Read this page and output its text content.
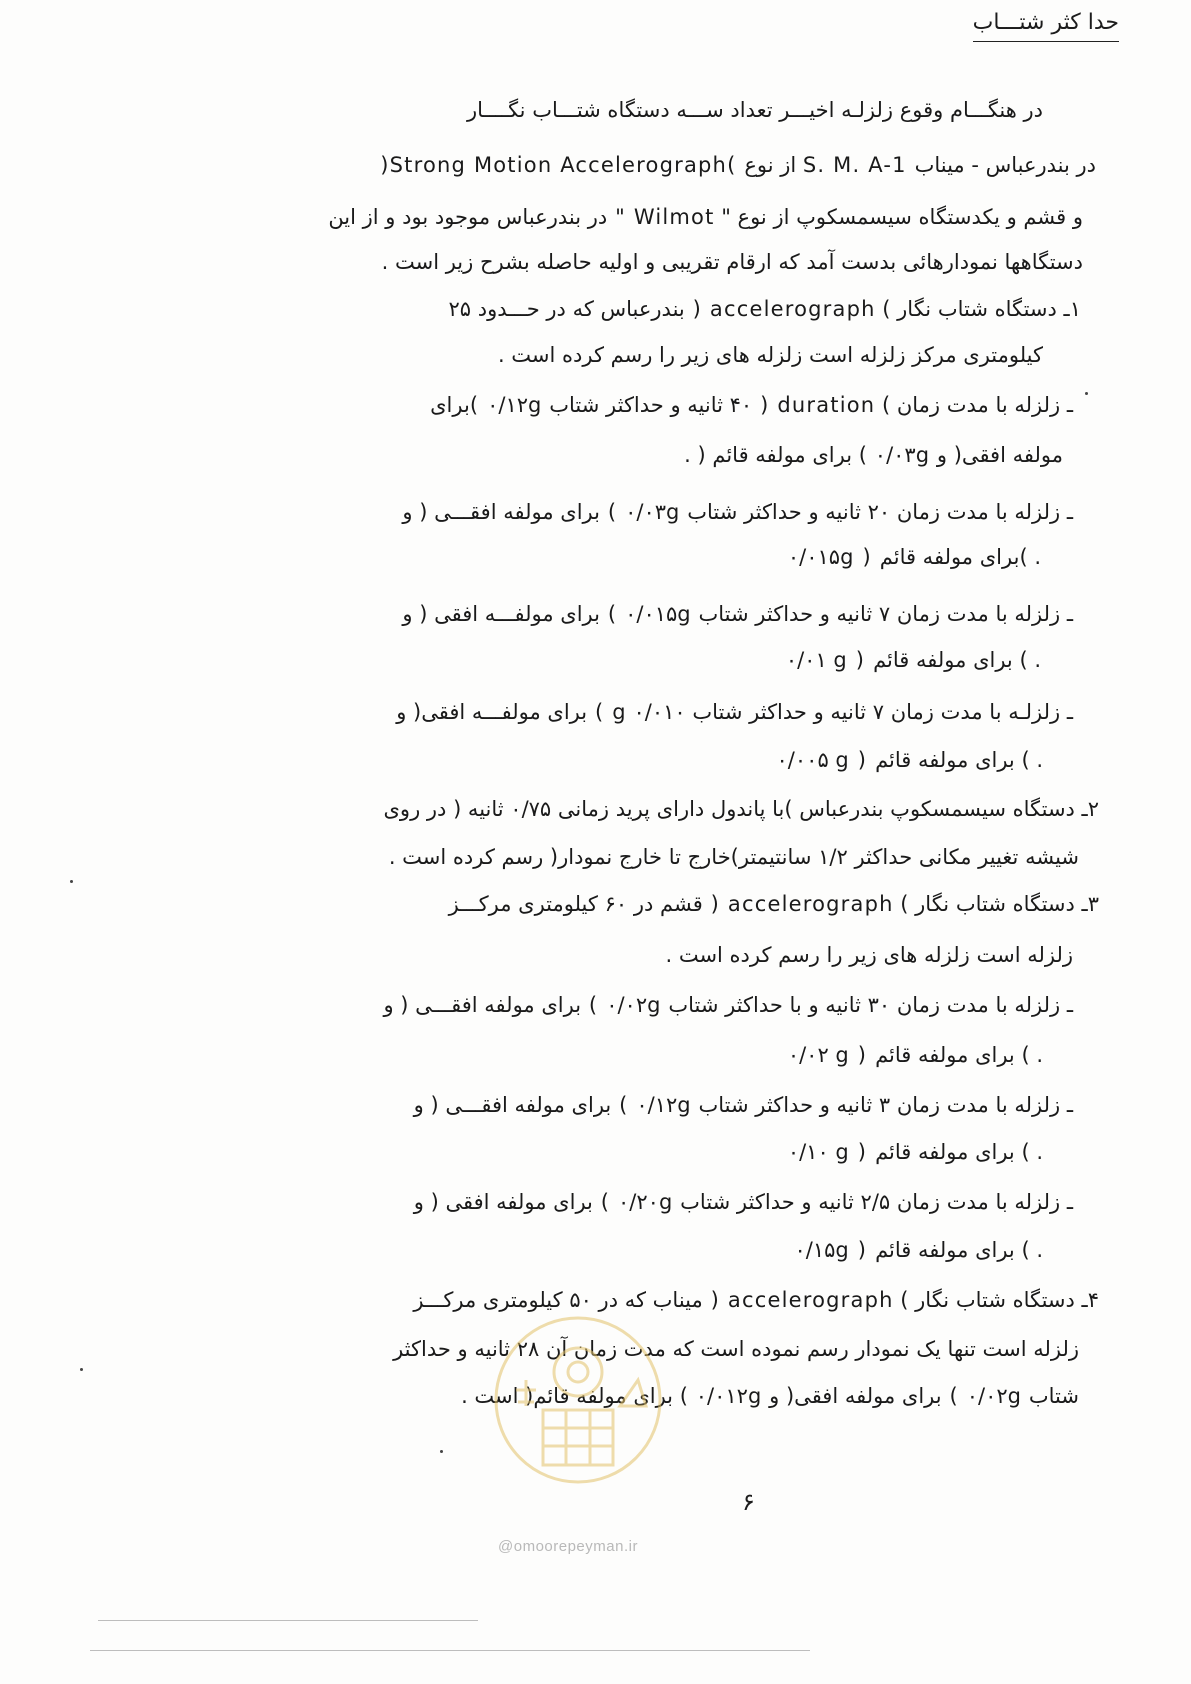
حدا کثر شتـــاب
در هنگـــام وقوع زلزلـه اخیـــر تعداد ســـه دستگاه شتـــاب نگــــار
)Strong Motion Accelerograph( از نوع S. M. A-1 در بندرعباس - میناب
و قشم و یکدستگاه سیسمسکوپ از نوع " Wilmot " در بندرعباس موجود بود و از این
دستگاهها نمودارهائی بدست آمد که ارقام تقریبی و اولیه حاصله بشرح زیر است .
۱ـ دستگاه شتاب نگار ) accelerograph ( بندرعباس که در حـــدود ۲۵
کیلومتری مرکز زلزله است زلزله های زیر را رسم کرده است .
ـ زلزله با مدت زمان ) duration ( ۴۰ ثانیه و حداکثر شتاب ۰/۱۲g )برای
مولفه افقی( و ۰/۰۳g ) برای مولفه قائم ( .
ـ زلزله با مدت زمان ۲۰ ثانیه و حداکثر شتاب ۰/۰۳g ) برای مولفه افقـــی ( و
۰/۰۱۵g ) برای مولفه قائم( .
ـ زلزله با مدت زمان ۷ ثانیه و حداکثر شتاب ۰/۰۱۵g ) برای مولفـــه افقی ( و
۰/۰۱ g ) برای مولفه قائم ( .
ـ زلزلـه با مدت زمان ۷ ثانیه و حداکثر شتاب ۰/۰۱۰ g ) برای مولفـــه افقی( و
۰/۰۰۵ g ) برای مولفه قائم ( .
۲ـ دستگاه سیسمسکوپ بندرعباس )با پاندول دارای پرید زمانی ۰/۷۵ ثانیه ( در روی
شیشه تغییر مکانی حداکثر ۱/۲ سانتیمتر)خارج تا خارج نمودار( رسم کرده است .
۳ـ دستگاه شتاب نگار ) accelerograph ( قشم در ۶۰ کیلومتری مرکـــز
زلزله است زلزله های زیر را رسم کرده است .
ـ زلزله با مدت زمان ۳۰ ثانیه و با حداکثر شتاب ۰/۰۲g ) برای مولفه افقـــی ( و
۰/۰۲ g ) برای مولفه قائم ( .
ـ زلزله با مدت زمان ۳ ثانیه و حداکثر شتاب ۰/۱۲g ) برای مولفه افقـــی ( و
۰/۱۰ g ) برای مولفه قائم ( .
ـ زلزله با مدت زمان ۲/۵ ثانیه و حداکثر شتاب ۰/۲۰g ) برای مولفه افقی ( و
۰/۱۵g ) برای مولفه قائم ( .
۴ـ دستگاه شتاب نگار ) accelerograph ( میناب که در ۵۰ کیلومتری مرکـــز
زلزله است تنها یک نمودار رسم نموده است که مدت زمان آن ۲۸ ثانیه و حداکثر
شتاب ۰/۰۲g ) برای مولفه افقی( و ۰/۰۱۲g ) برای مولفه قائم( است .
@omoorepeyman.ir
۶
